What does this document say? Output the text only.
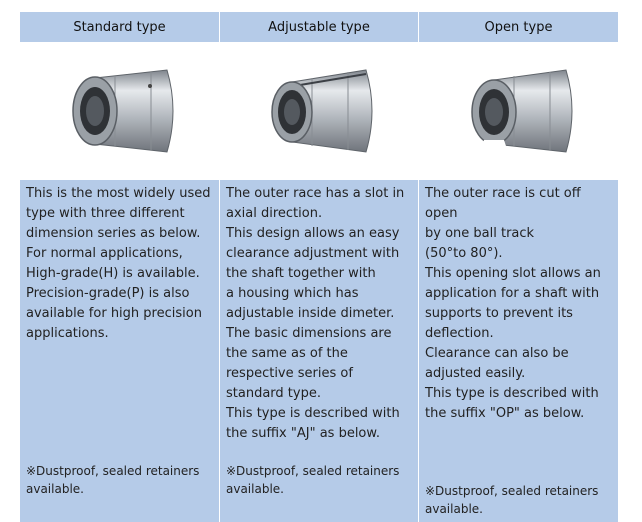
Standard type	Adjustable type	Open type

This is the most widely used

type with three different

dimension series as below.

For normal applications,

High-grade(H) is available.

Precision-grade(P) is also

available for high precision

applications.

※Dustproof, sealed retainers available.

The outer race has a slot in

axial direction.

This design allows an easy

clearance adjustment with

the shaft together with

a housing which has

adjustable inside dimeter.

The basic dimensions are

the same as of the

respective series of

standard type.

This type is described with

the suffix "AJ" as below.

※Dustproof, sealed retainers available.

The outer race is cut off

open

by one ball track

(50°to 80°).

This opening slot allows an

application for a shaft with

supports to prevent its

deflection.

Clearance can also be

adjusted easily.

This type is described with

the suffix "OP" as below.

※Dustproof, sealed retainers available.
